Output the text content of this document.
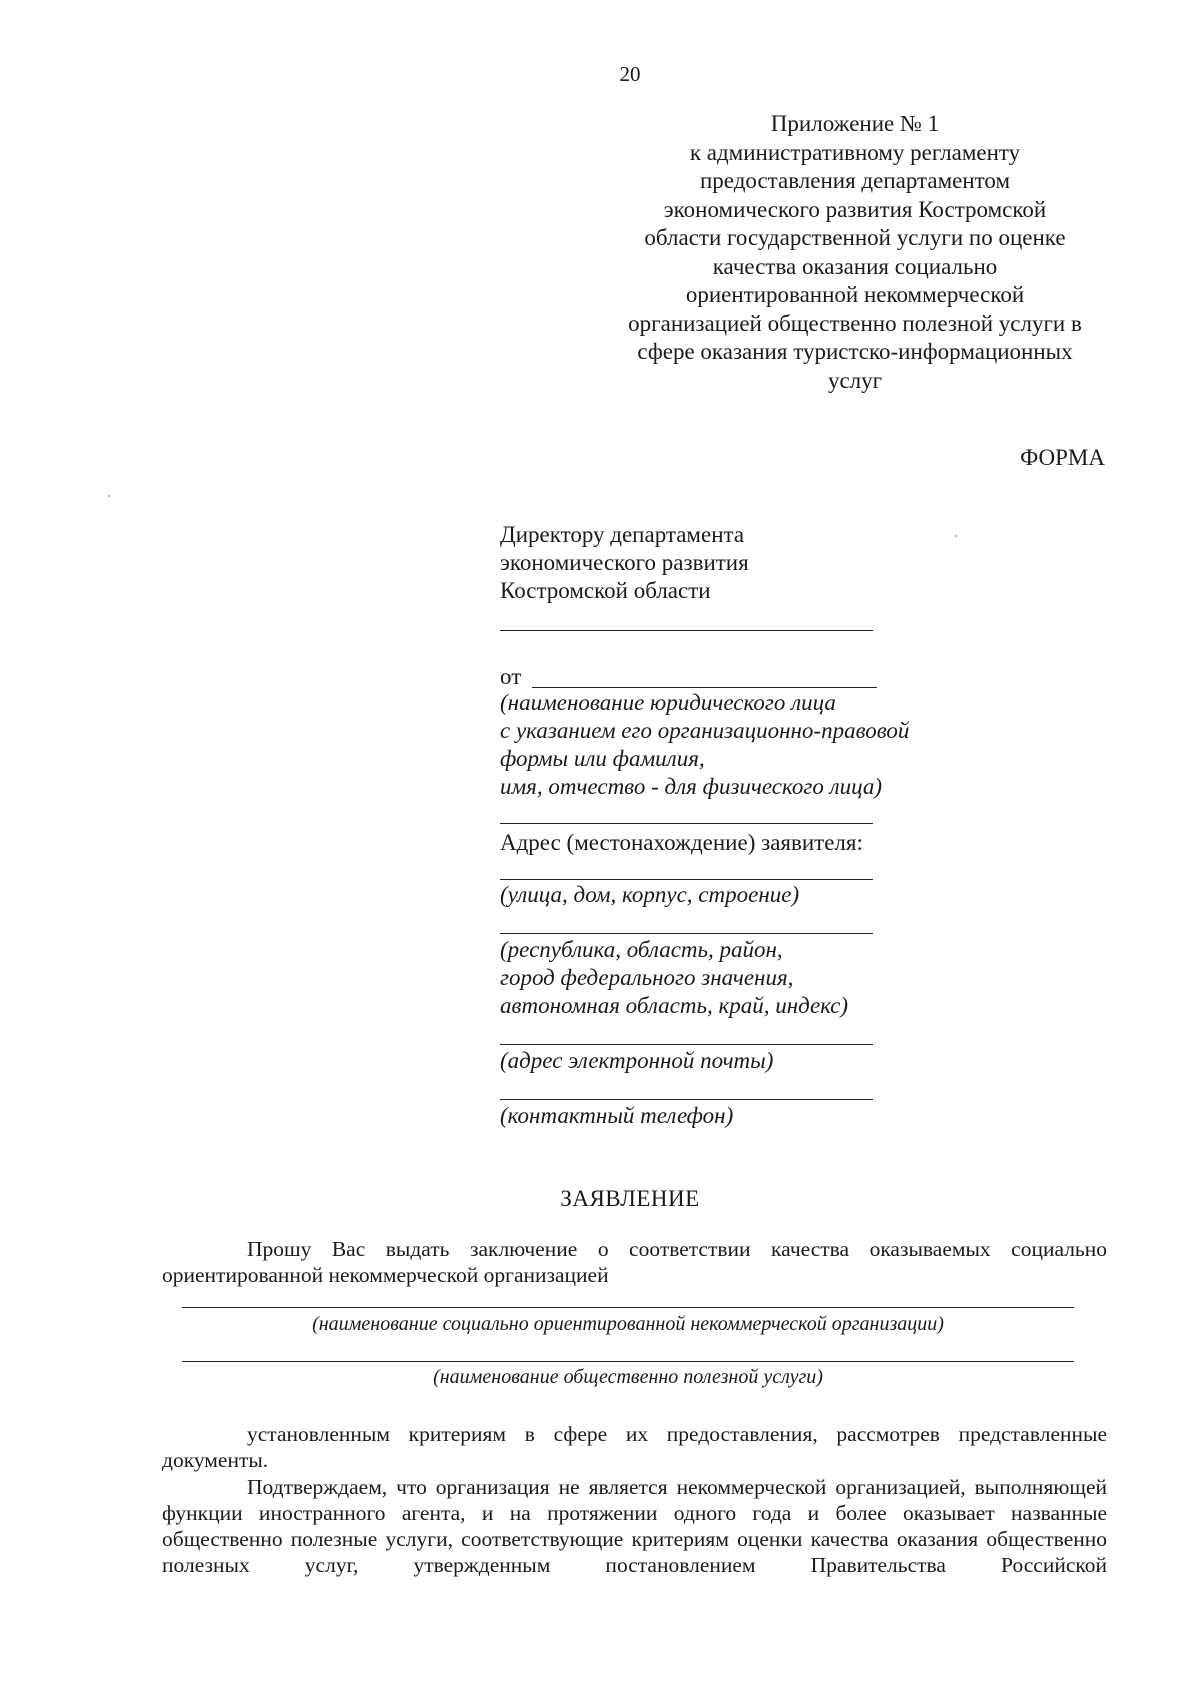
20
Приложение № 1
к административному регламенту
предоставления департаментом
экономического развития Костромской
области государственной услуги по оценке
качества оказания социально
ориентированной некоммерческой
организацией общественно полезной услуги в
сфере оказания туристско-информационных
услуг
ФОРМА
Директору департамента
экономического развития
Костромской области
от
(наименование юридического лица
с указанием его организационно-правовой
формы или фамилия,
имя, отчество - для физического лица)
Адрес (местонахождение) заявителя:
(улица, дом, корпус, строение)
(республика, область, район,
город федерального значения,
автономная область, край, индекс)
(адрес электронной почты)
(контактный телефон)
ЗАЯВЛЕНИЕ
Прошу Вас выдать заключение о соответствии качества оказываемых социально ориентированной некоммерческой организацией
(наименование социально ориентированной некоммерческой организации)
(наименование общественно полезной услуги)
установленным критериям в сфере их предоставления, рассмотрев представленные документы.
Подтверждаем, что организация не является некоммерческой организацией, выполняющей функции иностранного агента, и на протяжении одного года и более оказывает названные общественно полезные услуги, соответствующие критериям оценки качества оказания общественно полезных услуг, утвержденным постановлением Правительства Российской
